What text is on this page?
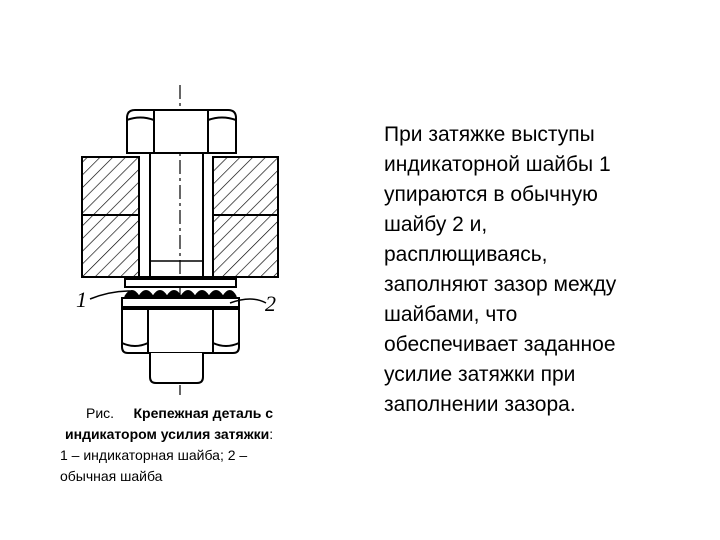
1	2
Рис. Крепежная деталь с
индикатором усилия затяжки:
1 – индикаторная шайба; 2 –
обычная шайба

При затяжке выступы
индикаторной шайбы 1
упираются в обычную
шайбу 2 и,
расплющиваясь,
заполняют зазор между
шайбами, что
обеспечивает заданное
усилие затяжки при
заполнении зазора.
